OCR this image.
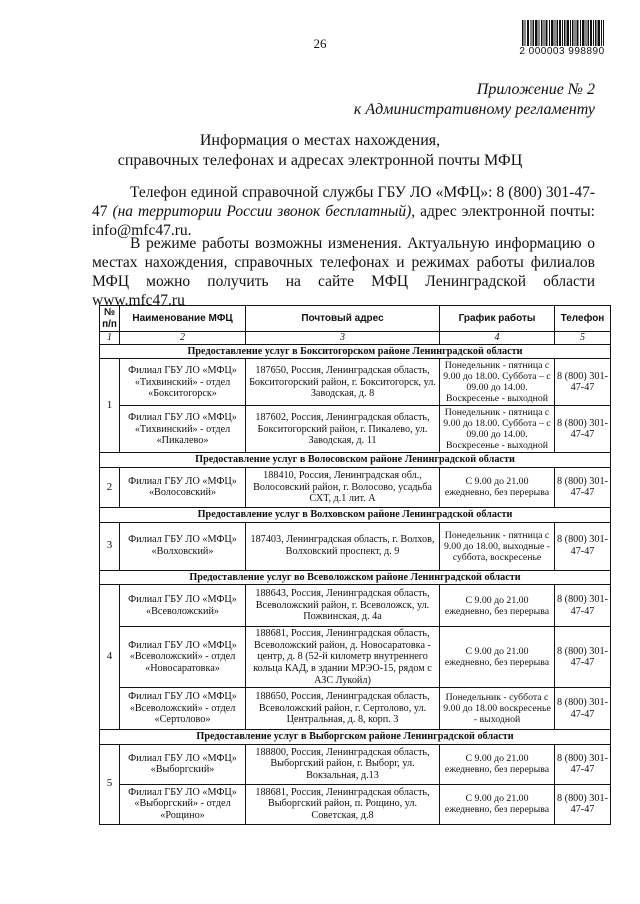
26
2 000003 998890
Приложение № 2
к Административному регламенту
Информация о местах нахождения,
справочных телефонах и адресах электронной почты МФЦ
Телефон единой справочной службы ГБУ ЛО «МФЦ»: 8 (800) 301-47-47 (на территории России звонок бесплатный), адрес электронной почты: info@mfc47.ru.
В режиме работы возможны изменения. Актуальную информацию о местах нахождения, справочных телефонах и режимах работы филиалов МФЦ можно получить на сайте МФЦ Ленинградской области www.mfc47.ru
№ п/п	Наименование МФЦ	Почтовый адрес	График работы	Телефон
1	2	3	4	5
Предоставление услуг в Бокситогорском районе Ленинградской области				
1	Филиал ГБУ ЛО «МФЦ» «Тихвинский» - отдел «Бокситогорск»	187650, Россия, Ленинградская область, Бокситогорский район, г. Бокситогорск, ул. Заводская, д. 8	Понедельник - пятница с 9.00 до 18.00. Суббота – с 09.00 до 14.00. Воскресенье - выходной	8 (800) 301-47-47
	Филиал ГБУ ЛО «МФЦ» «Тихвинский» - отдел «Пикалево»	187602, Россия, Ленинградская область, Бокситогорский район, г. Пикалево, ул. Заводская, д. 11	Понедельник - пятница с 9.00 до 18.00. Суббота – с 09.00 до 14.00. Воскресенье - выходной	8 (800) 301-47-47
Предоставление услуг в Волосовском районе Ленинградской области				
2	Филиал ГБУ ЛО «МФЦ» «Волосовский»	188410, Россия, Ленинградская обл., Волосовский район, г. Волосово, усадьба СХТ, д.1 лит. А	С 9.00 до 21.00 ежедневно, без перерыва	8 (800) 301-47-47
Предоставление услуг в Волховском районе Ленинградской области				
3	Филиал ГБУ ЛО «МФЦ» «Волховский»	187403, Ленинградская область, г. Волхов, Волховский проспект, д. 9	Понедельник - пятница с 9.00 до 18.00, выходные - суббота, воскресенье	8 (800) 301-47-47
Предоставление услуг во Всеволожском районе Ленинградской области				
4	Филиал ГБУ ЛО «МФЦ» «Всеволожский»	188643, Россия, Ленинградская область, Всеволожский район, г. Всеволожск, ул. Пожвинская, д. 4а	С 9.00 до 21.00 ежедневно, без перерыва	8 (800) 301-47-47
	Филиал ГБУ ЛО «МФЦ» «Всеволожский» - отдел «Новосаратовка»	188681, Россия, Ленинградская область, Всеволожский район, д. Новосаратовка - центр, д. 8 (52-й километр внутреннего кольца КАД, в здании МРЭО-15, рядом с АЗС Лукойл)	С 9.00 до 21.00 ежедневно, без перерыва	8 (800) 301-47-47
	Филиал ГБУ ЛО «МФЦ» «Всеволожский» - отдел «Сертолово»	188650, Россия, Ленинградская область, Всеволожский район, г. Сертолово, ул. Центральная, д. 8, корп. 3	Понедельник - суббота с 9.00 до 18.00 воскресенье - выходной	8 (800) 301-47-47
Предоставление услуг в Выборгском районе Ленинградской области				
5	Филиал ГБУ ЛО «МФЦ» «Выборгский»	188800, Россия, Ленинградская область, Выборгский район, г. Выборг, ул. Вокзальная, д.13	С 9.00 до 21.00 ежедневно, без перерыва	8 (800) 301-47-47
	Филиал ГБУ ЛО «МФЦ» «Выборгский» - отдел «Рощино»	188681, Россия, Ленинградская область, Выборгский район, п. Рощино, ул. Советская, д.8	С 9.00 до 21.00 ежедневно, без перерыва	8 (800) 301-47-47
